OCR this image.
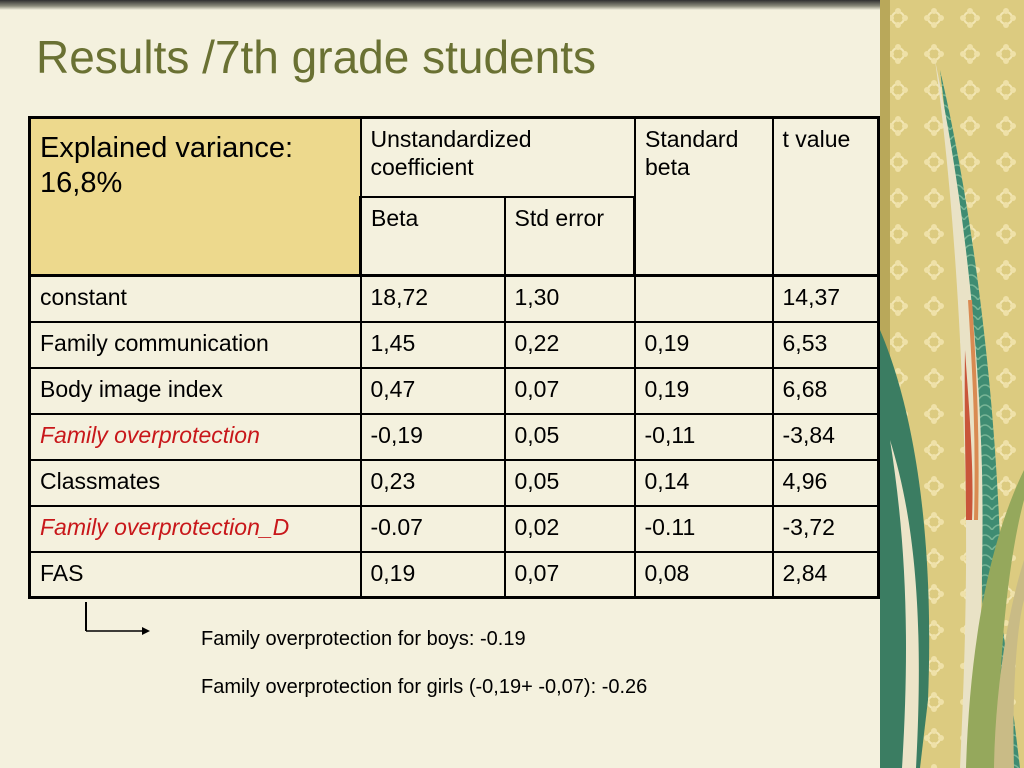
Results /7th grade students
Explained variance: 16,8%	Unstandardized coefficient		Standard beta	t value
	Beta	Std error		
constant	18,72	1,30		14,37
Family communication	1,45	0,22	0,19	6,53
Body image index	0,47	0,07	0,19	6,68
Family overprotection	-0,19	0,05	-0,11	-3,84
Classmates	0,23	0,05	0,14	4,96
Family overprotection_D	-0.07	0,02	-0.11	-3,72
FAS	0,19	0,07	0,08	2,84

Family overprotection for boys: -0.19

Family overprotection for girls (-0,19+ -0,07): -0.26
